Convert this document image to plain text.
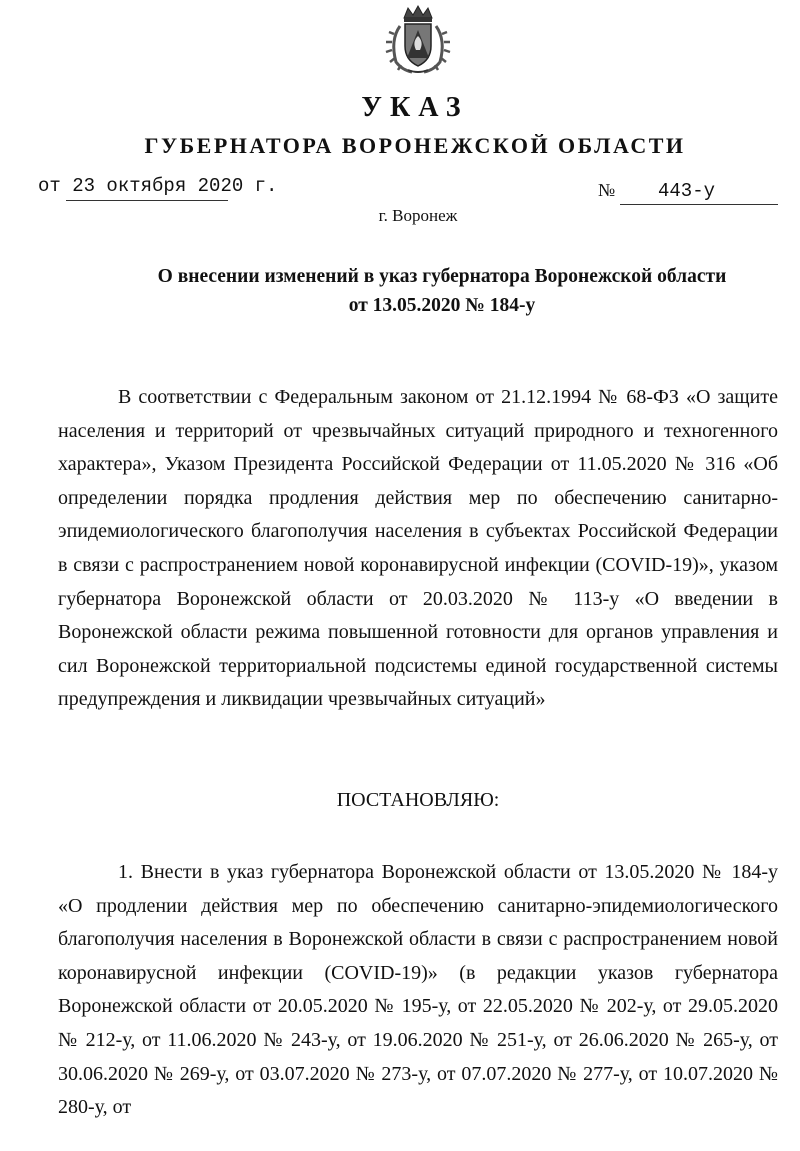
УКАЗ
ГУБЕРНАТОРА ВОРОНЕЖСКОЙ ОБЛАСТИ
от 23 октября 2020 г.	№ 443-у
г. Воронеж
О внесении изменений в указ губернатора Воронежской области
от 13.05.2020 № 184-у
В соответствии с Федеральным законом от 21.12.1994 № 68-ФЗ «О защите населения и территорий от чрезвычайных ситуаций природного и техногенного характера», Указом Президента Российской Федерации от 11.05.2020 № 316 «Об определении порядка продления действия мер по обеспечению санитарно-эпидемиологического благополучия населения в субъектах Российской Федерации в связи с распространением новой коронавирусной инфекции (COVID-19)», указом губернатора Воронежской области от 20.03.2020 № 113-у «О введении в Воронежской области режима повышенной готовности для органов управления и сил Воронежской территориальной подсистемы единой государственной системы предупреждения и ликвидации чрезвычайных ситуаций»
ПОСТАНОВЛЯЮ:
1. Внести в указ губернатора Воронежской области от 13.05.2020 № 184-у «О продлении действия мер по обеспечению санитарно-эпидемиологического благополучия населения в Воронежской области в связи с распространением новой коронавирусной инфекции (COVID-19)» (в редакции указов губернатора Воронежской области от 20.05.2020 № 195-у, от 22.05.2020 № 202-у, от 29.05.2020 № 212-у, от 11.06.2020 № 243-у, от 19.06.2020 № 251-у, от 26.06.2020 № 265-у, от 30.06.2020 № 269-у, от 03.07.2020 № 273-у, от 07.07.2020 № 277-у, от 10.07.2020 № 280-у, от
